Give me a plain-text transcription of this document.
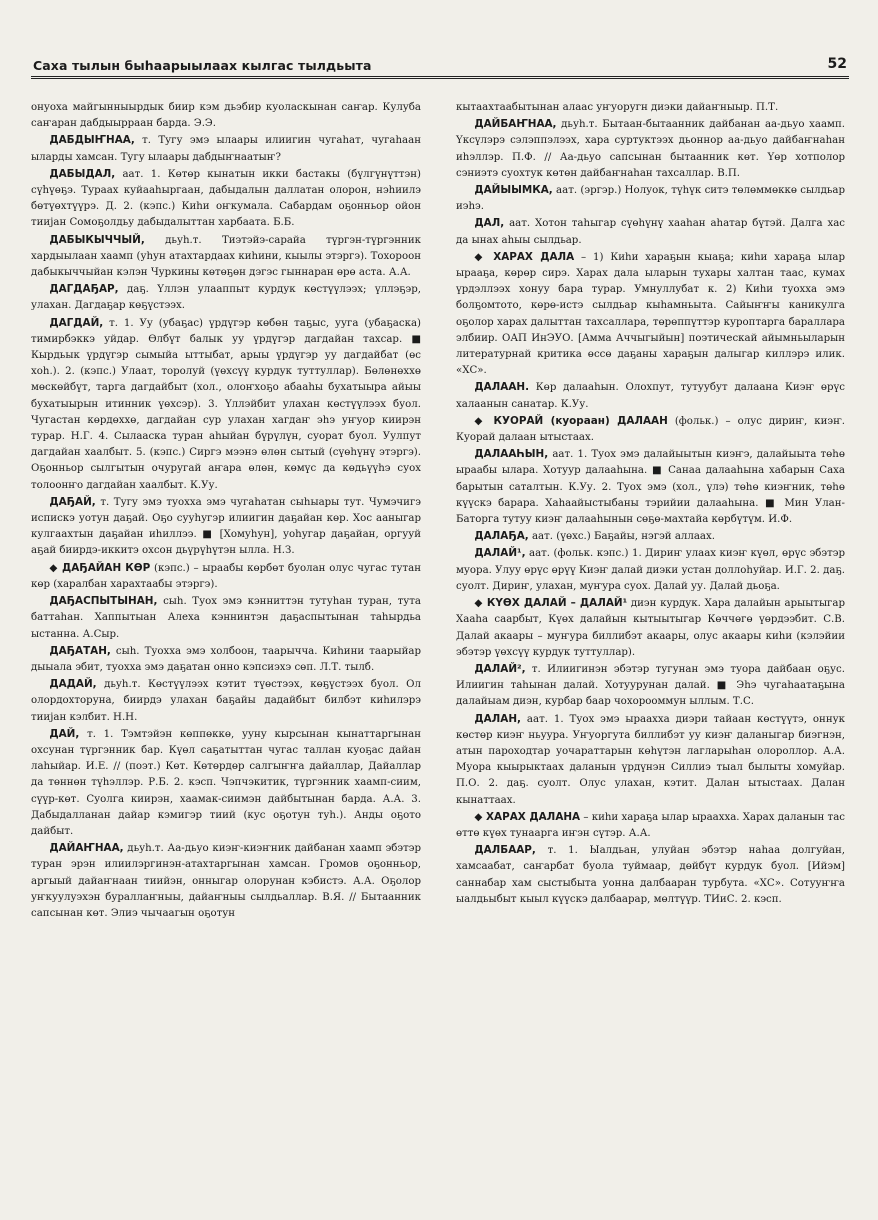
Саха тылын быhаарыылаах кылгас тылдьыта	52

онуоха майгынныырдык биир кэм дьэбир куоласкынан саҥар. Кулуба саҥаран дабдыырраан барда. Э.Э.

ДАБДЫҤНАА, т. Тугу эмэ ылаары илиигин чугаhат, чугаhаан ыларды хамсан. Тугу ылаары дабдыҥнаатыҥ?

ДАБЫДАЛ, аат. 1. Көтөр кынатын икки бастакы (бүлгүнүттэн) сүһүөҕэ. Тураах куйааhыргаан, дабыдалын даллатан олорон, нэhиилэ бөтүөхтүүрэ. Д. 2. (кэпс.) Киhи оҥкумала. Сабардам оҕонньор ойон тииjан Сомоҕолдьу дабыдалыттан харбаата. Б.Б.

ДАБЫКЫЧЧЫЙ, дьуh.т. Тиэтэйэ-сарайа түргэн-түргэнник хардыылаан хаамп (уhун атахтардаах киhини, кыылы этэргэ). Тохороон дабыкыччыйан кэлэн Чуркины көтөҕөн дэгэс гыннаран өрө аста. А.А.

ДАГДАҔАР, даҕ. Үллэн улааппыт курдук көстүүлээх; үллэҕэр, улахан. Дагдаҕар көҕүстээх.

ДАГДАЙ, т. 1. Уу (убаҕас) үрдүгэр көбөн таҕыс, ууга (убаҕаска) тимирбэккэ уйдар. Өлбүт балык уу үрдүгэр дагдайан тахсар. ■ Кырдьык үрдүгэр сымыйа ыттыбат, арыы үрдүгэр уу дагдайбат (өс хоh.). 2. (кэпс.) Улаат, торолуй (үөхсүү курдук туттуллар). Бөлөнөххө мөскөйбүт, тарга дагдайбыт (хол., олоҥхоҕо абааhы бухатыыра айыы бухатыырын итинник үөхсэр). 3. Үллэйбит улахан көстүүлээх буол. Чугастан көрдөххө, дагдайан сур улахан хагдаҥ эhэ уҥуор киирэн турар. Н.Г. 4. Сылааска туран аhыйан бүрүлүн, суорат буол. Уулпут дагдайан хаалбыт. 5. (кэпс.) Сиргэ мээнэ өлөн сытый (сүөhүнү этэргэ). Оҕонньор сылгытын очуругай аҥара өлөн, көмүс да көдьүүhэ суох толоонҥо дагдайан хаалбыт. К.Уу.

ДАҔАЙ, т. Тугу эмэ туохха эмэ чугаhатан сыhыары тут. Чумэчигэ испискэ уотун даҕай. Оҕо сууhугэр илиигин даҕайан көр. Хос ааныгар кулгаахтын даҕайан иhиллээ. ■ [Хомуhун], уоhугар даҕайан, оргууй аҕай биирдэ-иккитэ охсон дьүрүhүтэн ылла. Н.З.

◆ ДАҔАЙАН КӨР (кэпс.) – ыраабы көрбөт буолан олус чугас тутан көр (харалбан харахтаабы этэргэ).

ДАҔАСПЫТЫНАН, сыh. Туох эмэ кэнниттэн тутуhан туран, тута баттаhан. Хаппытыан Алеха кэннинтэн даҕаспытынан таhырдьа ыстанна. А.Сыр.

ДАҔАТАН, сыh. Туохха эмэ холбоон, таарычча. Киhини таарыйар дыыала эбит, туохха эмэ даҕатан онно кэпсиэхэ сөп. Л.Т. тылб.

ДАДАЙ, дьуh.т. Көстүүлээх кэтит түөстээх, көҕүстээх буол. Ол олордохторуна, биирдэ улахан баҕайы дадайбыт билбэт киhилэрэ тииjан кэлбит. Н.Н.

ДАЙ, т. 1. Тэмтэйэн көппөккө, ууну кырсынан кынаттаргынан охсунан түргэнник бар. Күөл саҕатыттан чугас таллан куоҕас дайан лаhыйар. И.Е. // (поэт.) Көт. Көтөрдөр салгыҥҥа дайаллар, Дайаллар да төннөн түhэллэр. Р.Б. 2. кэсп. Чэпчэкитик, түргэнник хаамп-сиим, сүүр-көт. Суолга киирэн, хаамак-сиимэн дайбытынан барда. А.А. 3. Дабыдалланан дайар кэмигэр тиий (кус оҕотун туh.). Анды оҕото дайбыт.

ДАЙАҤНАА, дьуh.т. Аа-дьуо киэҥ-киэҥник дайбанан хаамп эбэтэр туран эрэн илиилэргинэн-атахтаргынан хамсан. Громов оҕонньор, аргыый дайаҥнаан тиийэн, онныгар олорунан кэбистэ. А.А. Оҕолор уҥкуулуэхэн бураллаҥныы, дайаҥныы сылдьаллар. В.Я. // Бытаанник сапсынан көт. Элиэ чычаагын оҕотун

кытаахтаабытынан алаас уҥуоругн диэки дайаҥныыр. П.Т.

ДАЙБАҤНАА, дьуh.т. Бытаан-бытаанник дайбанан аа-дьуо хаамп. Үксүлэрэ сэлэппэлээх, хара суртуктээх дьоннор аа-дьуо дайбаҥнаhан иhэллэр. П.Ф. // Аа-дьуо сапсынан бытаанник көт. Үөр хотполор сэниэтэ суохтук көтөн дайбаҥнаhан тахсаллар. В.П.

ДАЙЫЫМКА, аат. (эргэр.) Нолуок, түhүк ситэ төлөммөккө сылдьар иэhэ.

ДАЛ, аат. Хотон таhыгар сүөhүнү хааhан аhатар бүтэй. Далга хас да ынах аhыы сылдьар.

◆ ХАРАХ ДАЛА – 1) Киhи хараҕын кыаҕа; киhи хараҕа ылар ырааҕа, көрөр сирэ. Харах дала ыларын тухары халтан таас, кумах үрдэллээх хонуу бара турар. Умнуллубат к. 2) Киhи туохха эмэ болҕомтото, көрө-истэ сылдьар кыhамньыта. Сайыҥҥы каникулга оҕолор харах далыттан тахсаллара, төрөппүттэр куроптарга бараллара элбиир. ОАП ИнЭУО. [Амма Аччыгыйын] поэтическай айымньыларын литературнай критика өссө даҕаны хараҕын далыгар киллэрэ илик. «ХС».

ДАЛААН. Көр далааhын. Олохпут, тутуубут далаана Киэҥ өрүс халаанын санатар. К.Уу.

◆ КУОРАЙ (куораан) ДАЛААН (фольк.) – олус дириҥ, киэҥ. Куорай далаан ытыстаах.

ДАЛААҺЫН, аат. 1. Туох эмэ далайыытын киэҥэ, далайыыта төhө ыраабы ылара. Хотуур далааhына. ■ Санаа далааhына хабарын Саха барытын саталтын. К.Уу. 2. Туох эмэ (хол., үлэ) төhө киэҥник, төhө күүскэ барара. Хаhаайыстыбаны тэрийии далааhына. ■ Мин Улан-Баторга тутуу киэҥ далааhынын сөҕө-махтайа көрбүтүм. И.Ф.

ДАЛАҔА, аат. (үөхс.) Баҕайы, нэгэй аллаах.

ДАЛАЙ¹, аат. (фольк. кэпс.) 1. Дириҥ улаах киэҥ күөл, өрүс эбэтэр муора. Улуу өрүс өрүү Киэҥ далай диэки устан доллоhуйар. И.Г. 2. даҕ. суолт. Дириҥ, улахан, муҥура суох. Далай уу. Далай дьоҕа.

◆ КҮӨХ ДАЛАЙ – ДАЛАЙ¹ диэн курдук. Хара далайын арыытыгар Хааhа саарбыт, Күөх далайын кытыытыгар Көччөгө үөрдээбит. С.В. Далай акаары – муҥура биллибэт акаары, олус акаары киhи (кэлэйии эбэтэр үөхсүү курдук туттуллар).

ДАЛАЙ², т. Илиигинэн эбэтэр тугунан эмэ туора дайбаан оҕус. Илиигин таhынан далай. Хотуурунан далай. ■ Эhэ чугаhаатаҕына далайыам диэн, курбар баар чохорооммун ыллым. Т.С.

ДАЛАН, аат. 1. Туох эмэ ыраахха диэри тайаан көстүүтэ, оннук көстөр киэҥ ньуура. Уҥуоргута биллибэт уу киэҥ даланыгар биэгнэн, атын пароходтар уочараттарын көhүтэн лагларыhан олороллор. А.А. Муора кыырыктаах даланын үрдүнэн Силлиэ тыал былыты хомуйар. П.О. 2. даҕ. суолт. Олус улахан, кэтит. Далан ытыстаах. Далан кынаттаах.

◆ ХАРАХ ДАЛАНА – киhи хараҕа ылар ыраахха. Харах даланын тас өттө күөх тунаарга иҥэн сүтэр. А.А.

ДАЛБААР, т. 1. Ыалдьан, улуйан эбэтэр наhаа долгуйан, хамсаабат, саҥарбат буола туймаар, дөйбүт курдук буол. [Ийэм] саннабар хам сыстыбыта уонна далбааран турбута. «ХС». Сотууҥҥа ыалдьыбыт кыыл күүскэ далбаарар, мөлтүүр. ТИиС. 2. кэсп.
